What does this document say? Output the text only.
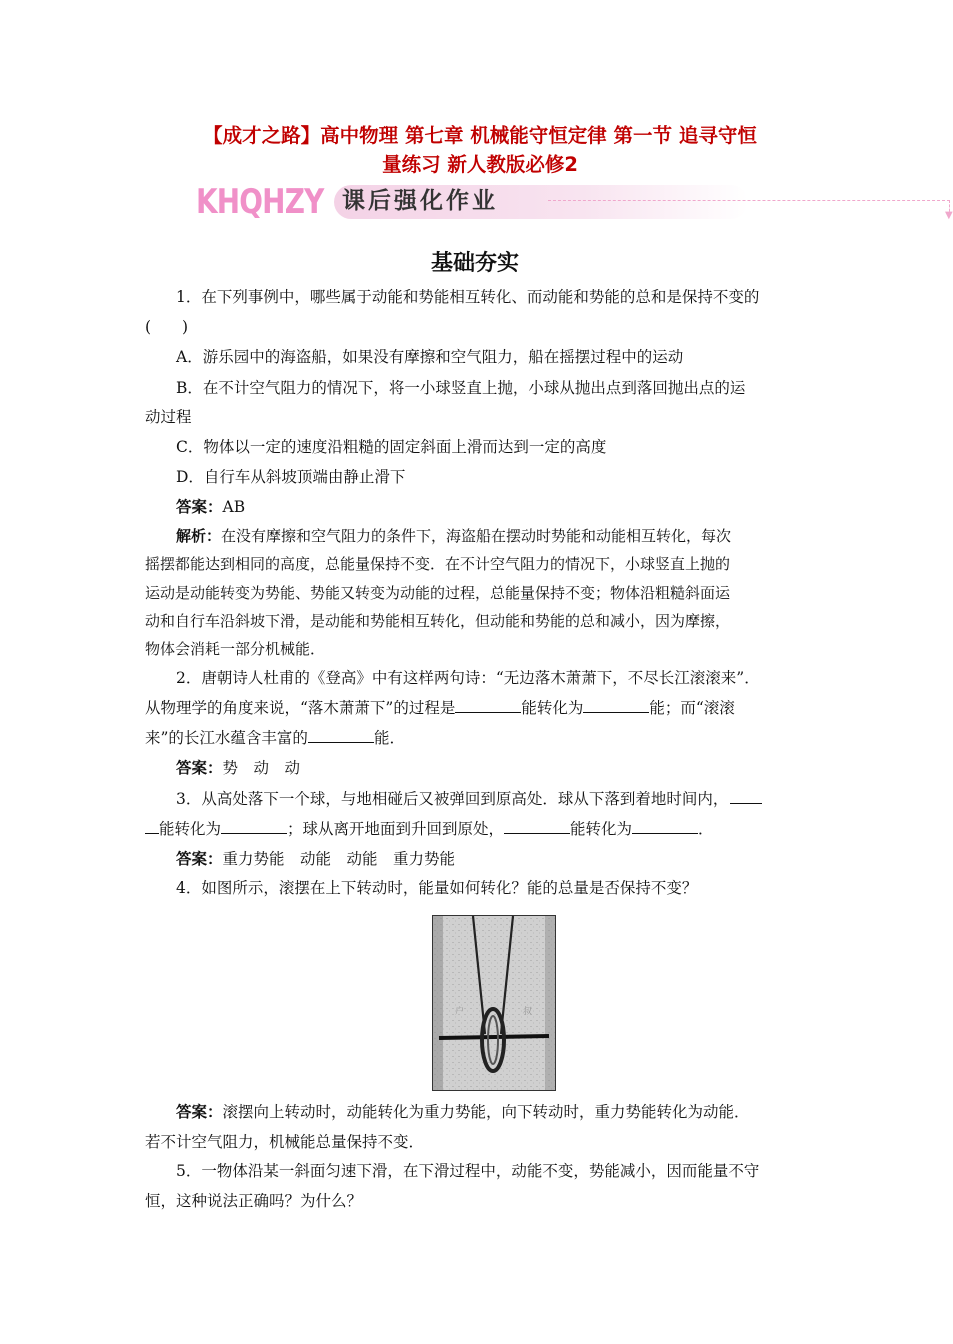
【成才之路】高中物理 第七章 机械能守恒定律 第一节 追寻守恒
量练习 新人教版必修2
KHQHZY 课后强化作业
▼
基础夯实
1．在下列事例中，哪些属于动能和势能相互转化、而动能和势能的总和是保持不变的
(　　)
A．游乐园中的海盗船，如果没有摩擦和空气阻力，船在摇摆过程中的运动
B．在不计空气阻力的情况下，将一小球竖直上抛，小球从抛出点到落回抛出点的运
动过程
C．物体以一定的速度沿粗糙的固定斜面上滑而达到一定的高度
D．自行车从斜坡顶端由静止滑下
答案：AB
解析：在没有摩擦和空气阻力的条件下，海盗船在摆动时势能和动能相互转化，每次
摇摆都能达到相同的高度，总能量保持不变．在不计空气阻力的情况下，小球竖直上抛的
运动是动能转变为势能、势能又转变为动能的过程，总能量保持不变；物体沿粗糙斜面运
动和自行车沿斜坡下滑，是动能和势能相互转化，但动能和势能的总和减小，因为摩擦，
物体会消耗一部分机械能．
2．唐朝诗人杜甫的《登高》中有这样两句诗：“无边落木萧萧下，不尽长江滚滚来”．
从物理学的角度来说，“落木萧萧下”的过程是	能转化为	能；而“滚滚
来”的长江水蕴含丰富的	能．
答案：势　动　动
3．从高处落下一个球，与地相碰后又被弹回到原高处．球从下落到着地时间内，
能转化为	；球从离开地面到升回到原处，	能转化为	．
答案：重力势能　动能　动能　重力势能
4．如图所示，滚摆在上下转动时，能量如何转化？能的总量是否保持不变？
户	叔
答案：滚摆向上转动时，动能转化为重力势能，向下转动时，重力势能转化为动能．
若不计空气阻力，机械能总量保持不变．
5．一物体沿某一斜面匀速下滑，在下滑过程中，动能不变，势能减小，因而能量不守
恒，这种说法正确吗？为什么？
